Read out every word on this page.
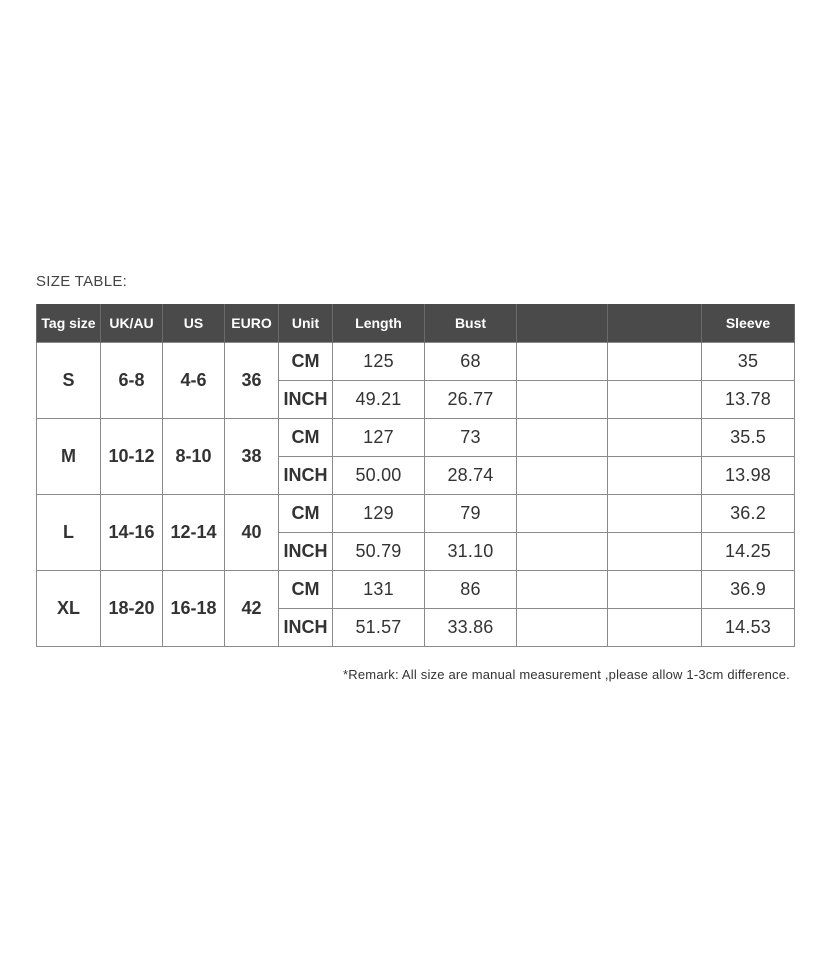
SIZE TABLE:
Tag size	UK/AU	US	EURO	Unit	Length	Bust			Sleeve
S	6-8	4-6	36	CM	125	68			35
				INCH	49.21	26.77			13.78
M	10-12	8-10	38	CM	127	73			35.5
				INCH	50.00	28.74			13.98
L	14-16	12-14	40	CM	129	79			36.2
				INCH	50.79	31.10			14.25
XL	18-20	16-18	42	CM	131	86			36.9
				INCH	51.57	33.86			14.53
*Remark: All size are manual measurement ,please allow 1-3cm difference.
